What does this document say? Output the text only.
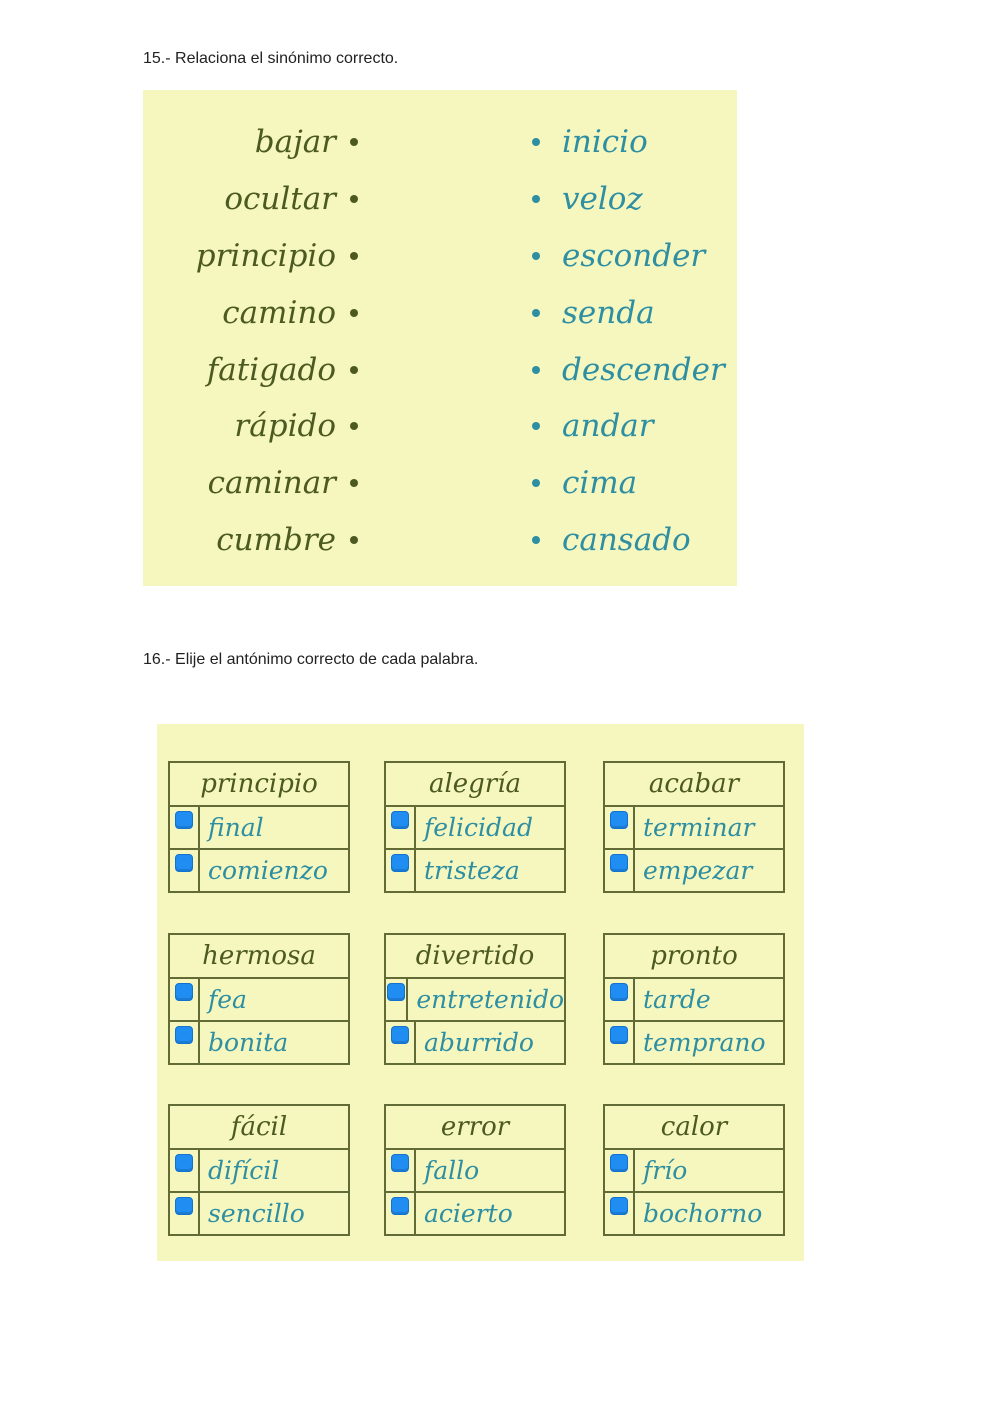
15.- Relaciona el sinónimo correcto.
bajar
ocultar
principio
camino
fatigado
rápido
caminar
cumbre
inicio
veloz
esconder
senda
descender
andar
cima
cansado
16.- Elije el antónimo correcto de cada palabra.
principio
final
comienzo
alegría
felicidad
tristeza
acabar
terminar
empezar
hermosa
fea
bonita
divertido
entretenido
aburrido
pronto
tarde
temprano
fácil
difícil
sencillo
error
fallo
acierto
calor
frío
bochorno
